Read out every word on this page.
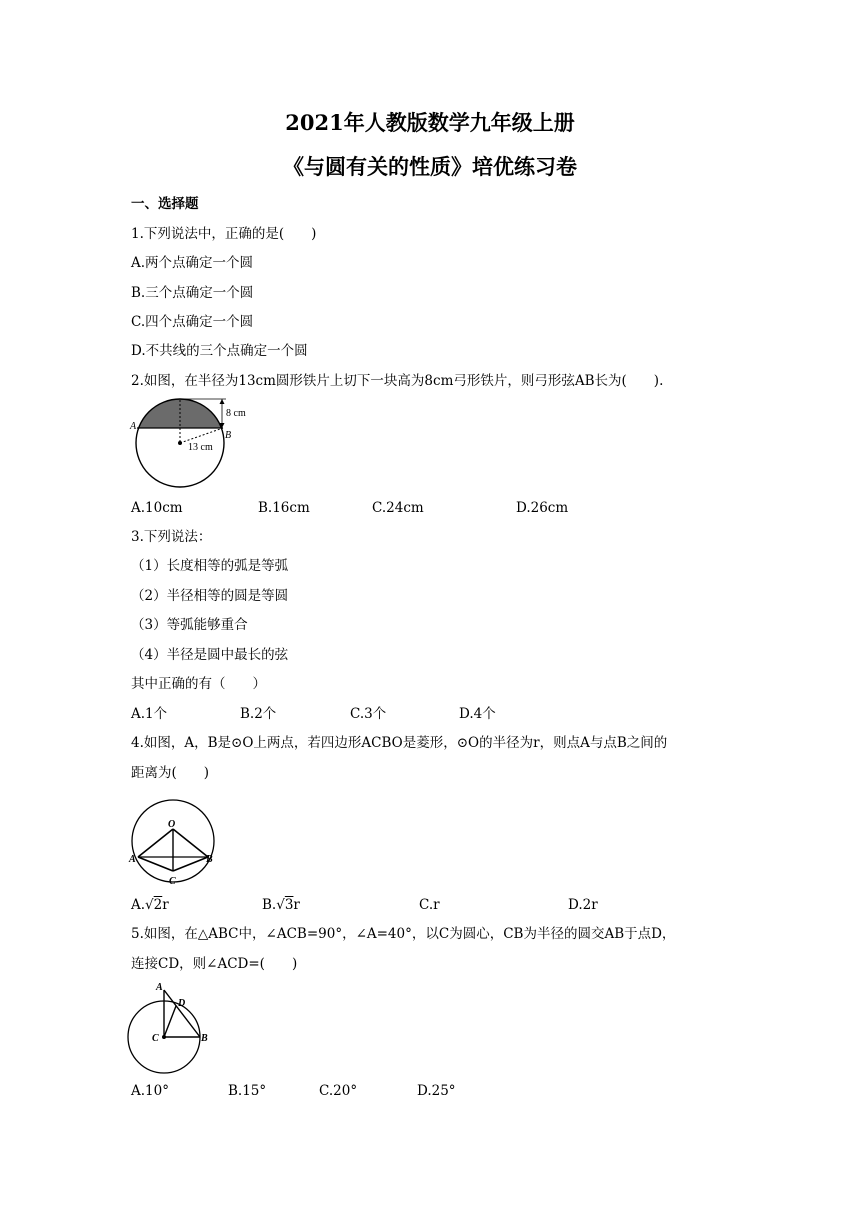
2021年人教版数学九年级上册
《与圆有关的性质》培优练习卷
一、选择题
1.下列说法中，正确的是(　　)
A.两个点确定一个圆
B.三个点确定一个圆
C.四个点确定一个圆
D.不共线的三个点确定一个圆
2.如图，在半径为13cm圆形铁片上切下一块高为8cm弓形铁片，则弓形弦AB长为(　　).
A
B
8 cm
13 cm
A.10cm	B.16cm	C.24cm	D.26cm
3.下列说法：
（1）长度相等的弧是等弧
（2）半径相等的圆是等圆
（3）等弧能够重合
（4）半径是圆中最长的弦
其中正确的有（　　）
A.1个	B.2个	C.3个	D.4个
4.如图，A，B是⊙O上两点，若四边形ACBO是菱形，⊙O的半径为r，则点A与点B之间的
距离为(　　)
O
A	B
C
A.√2r	B.√3r	C.r	D.2r
5.如图，在△ABC中，∠ACB=90°，∠A=40°，以C为圆心，CB为半径的圆交AB于点D，
连接CD，则∠ACD=(　　)
A
D
C	B
A.10°	B.15°	C.20°	D.25°
